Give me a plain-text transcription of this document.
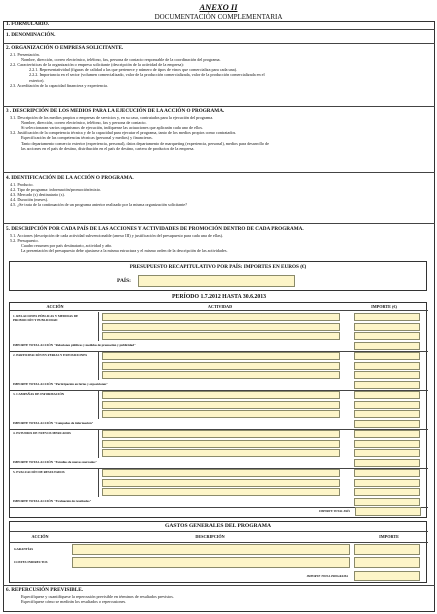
ANEXO II
DOCUMENTACIÓN COMPLEMENTARIA
1. FORMULARIO.
1. DENOMINACIÓN.
2. ORGANIZACIÓN O EMPRESA SOLICITANTE.
2.1. Presentación.
Nombre, dirección, correo electrónico, teléfono, fax, persona de contacto responsable de la coordinación del programa.
2.2. Características de la organización o empresa solicitante (descripción de la actividad de la empresa):
2.2.1. Representatividad (figuras de calidad a las que pertenece y número de tipos de vinos que comercializa para cada una).
2.2.2. Importancia en el sector (volumen comercializado, valor de la producción comercializada, valor de la producción comercializada en el
exterior).
2.3. Acreditación de la capacidad financiera y experiencia.
3 . DESCRIPCIÓN DE LOS MEDIOS PARA LA EJECUCIÓN DE LA ACCIÓN O PROGRAMA.
3.1. Descripción de los medios propios o empresas de servicios y, en su caso, contratados para la ejecución del programa.
Nombre, dirección, correo electrónico, teléfono, fax y persona de contacto.
Si seleccionaran varios organismos de ejecución, indíquense las actuaciones que aplicarán cada uno de ellos.
3.2. Justificación de la competencia técnica y de la capacidad para ejecutar el programa, tanto de los medios propios como contratados.
Especificación de las competencias técnicas (personal y medios) y financieras.
Tanto departamento comercio exterior (experiencia, personal), datos departamento de marqueting (experiencia, personal), medios para desarrollo de
las acciones en el país de destino, distribución en el país de destino, cartera de productos de la empresa.
4. IDENTIFICACIÓN DE LA ACCIÓN O PROGRAMA.
4.1. Producto.
4.2. Tipo de programa: información/promoción/mixto.
4.3. Mercado (s) destinatario (s).
4.4. Duración (meses).
4.5. ¿Se trata de la continuación de un programa anterior realizado por la misma organización solicitante?
5. DESCRIPCIÓN POR CADA PAÍS DE LAS ACCIONES Y ACTIVIDADES DE PROMOCIÓN DENTRO DE CADA PROGRAMA.
5.1. Acciones (descripción de cada actividad subvencionable (anexo III) y justificación del presupuesto para cada una de ellas).
5.2. Presupuesto.
Cuadro resumen por país destinatario, actividad y año.
La presentación del presupuesto debe ajustarse a la misma estructura y el mismo orden de la descripción de las actividades.
PRESUPUESTO RECAPITULATIVO POR PAÍS: IMPORTES EN EUROS (€)
PAÍS:
PERÍODO 1.7.2012 HASTA 30.6.2013
ACCIÓN	ACTIVIDAD	IMPORTE (€)
1. RELACIONES PÚBLICAS Y MEDIDAS DE PROMOCIÓN Y PUBLICIDAD
IMPORTE TOTAL ACCIÓN "Relaciones públicas y medidas de promoción y publicidad"
2. PARTICIPACIÓN EN FERIAS Y EXPOSICIONES
IMPORTE TOTAL ACCIÓN "Participación en ferias y exposiciones"
3. CAMPAÑAS DE INFORMACIÓN
IMPORTE TOTAL ACCIÓN "Campañas de información"
4. ESTUDIOS DE NUEVOS MERCADOS
IMPORTE TOTAL ACCIÓN "Estudios de nuevos mercados"
5. EVALUACIÓN DE RESULTADOS
IMPORTE TOTAL ACCIÓN "Evaluación de resultados"
IMPORTE TOTAL PAÍS
GASTOS GENERALES DEL PROGRAMA
ACCIÓN	DESCRIPCIÓN	IMPORTE
GARANTÍAS
COSTES INDIRECTOS
IMPORTE TOTAL PROGRAMA
6. REPERCUSIÓN PREVISIBLE.
Especifíquese y cuantifíquese la repercusión previsible en términos de resultados previstos.
Especifíquese cómo se medirán los resultados o repercusiones.
